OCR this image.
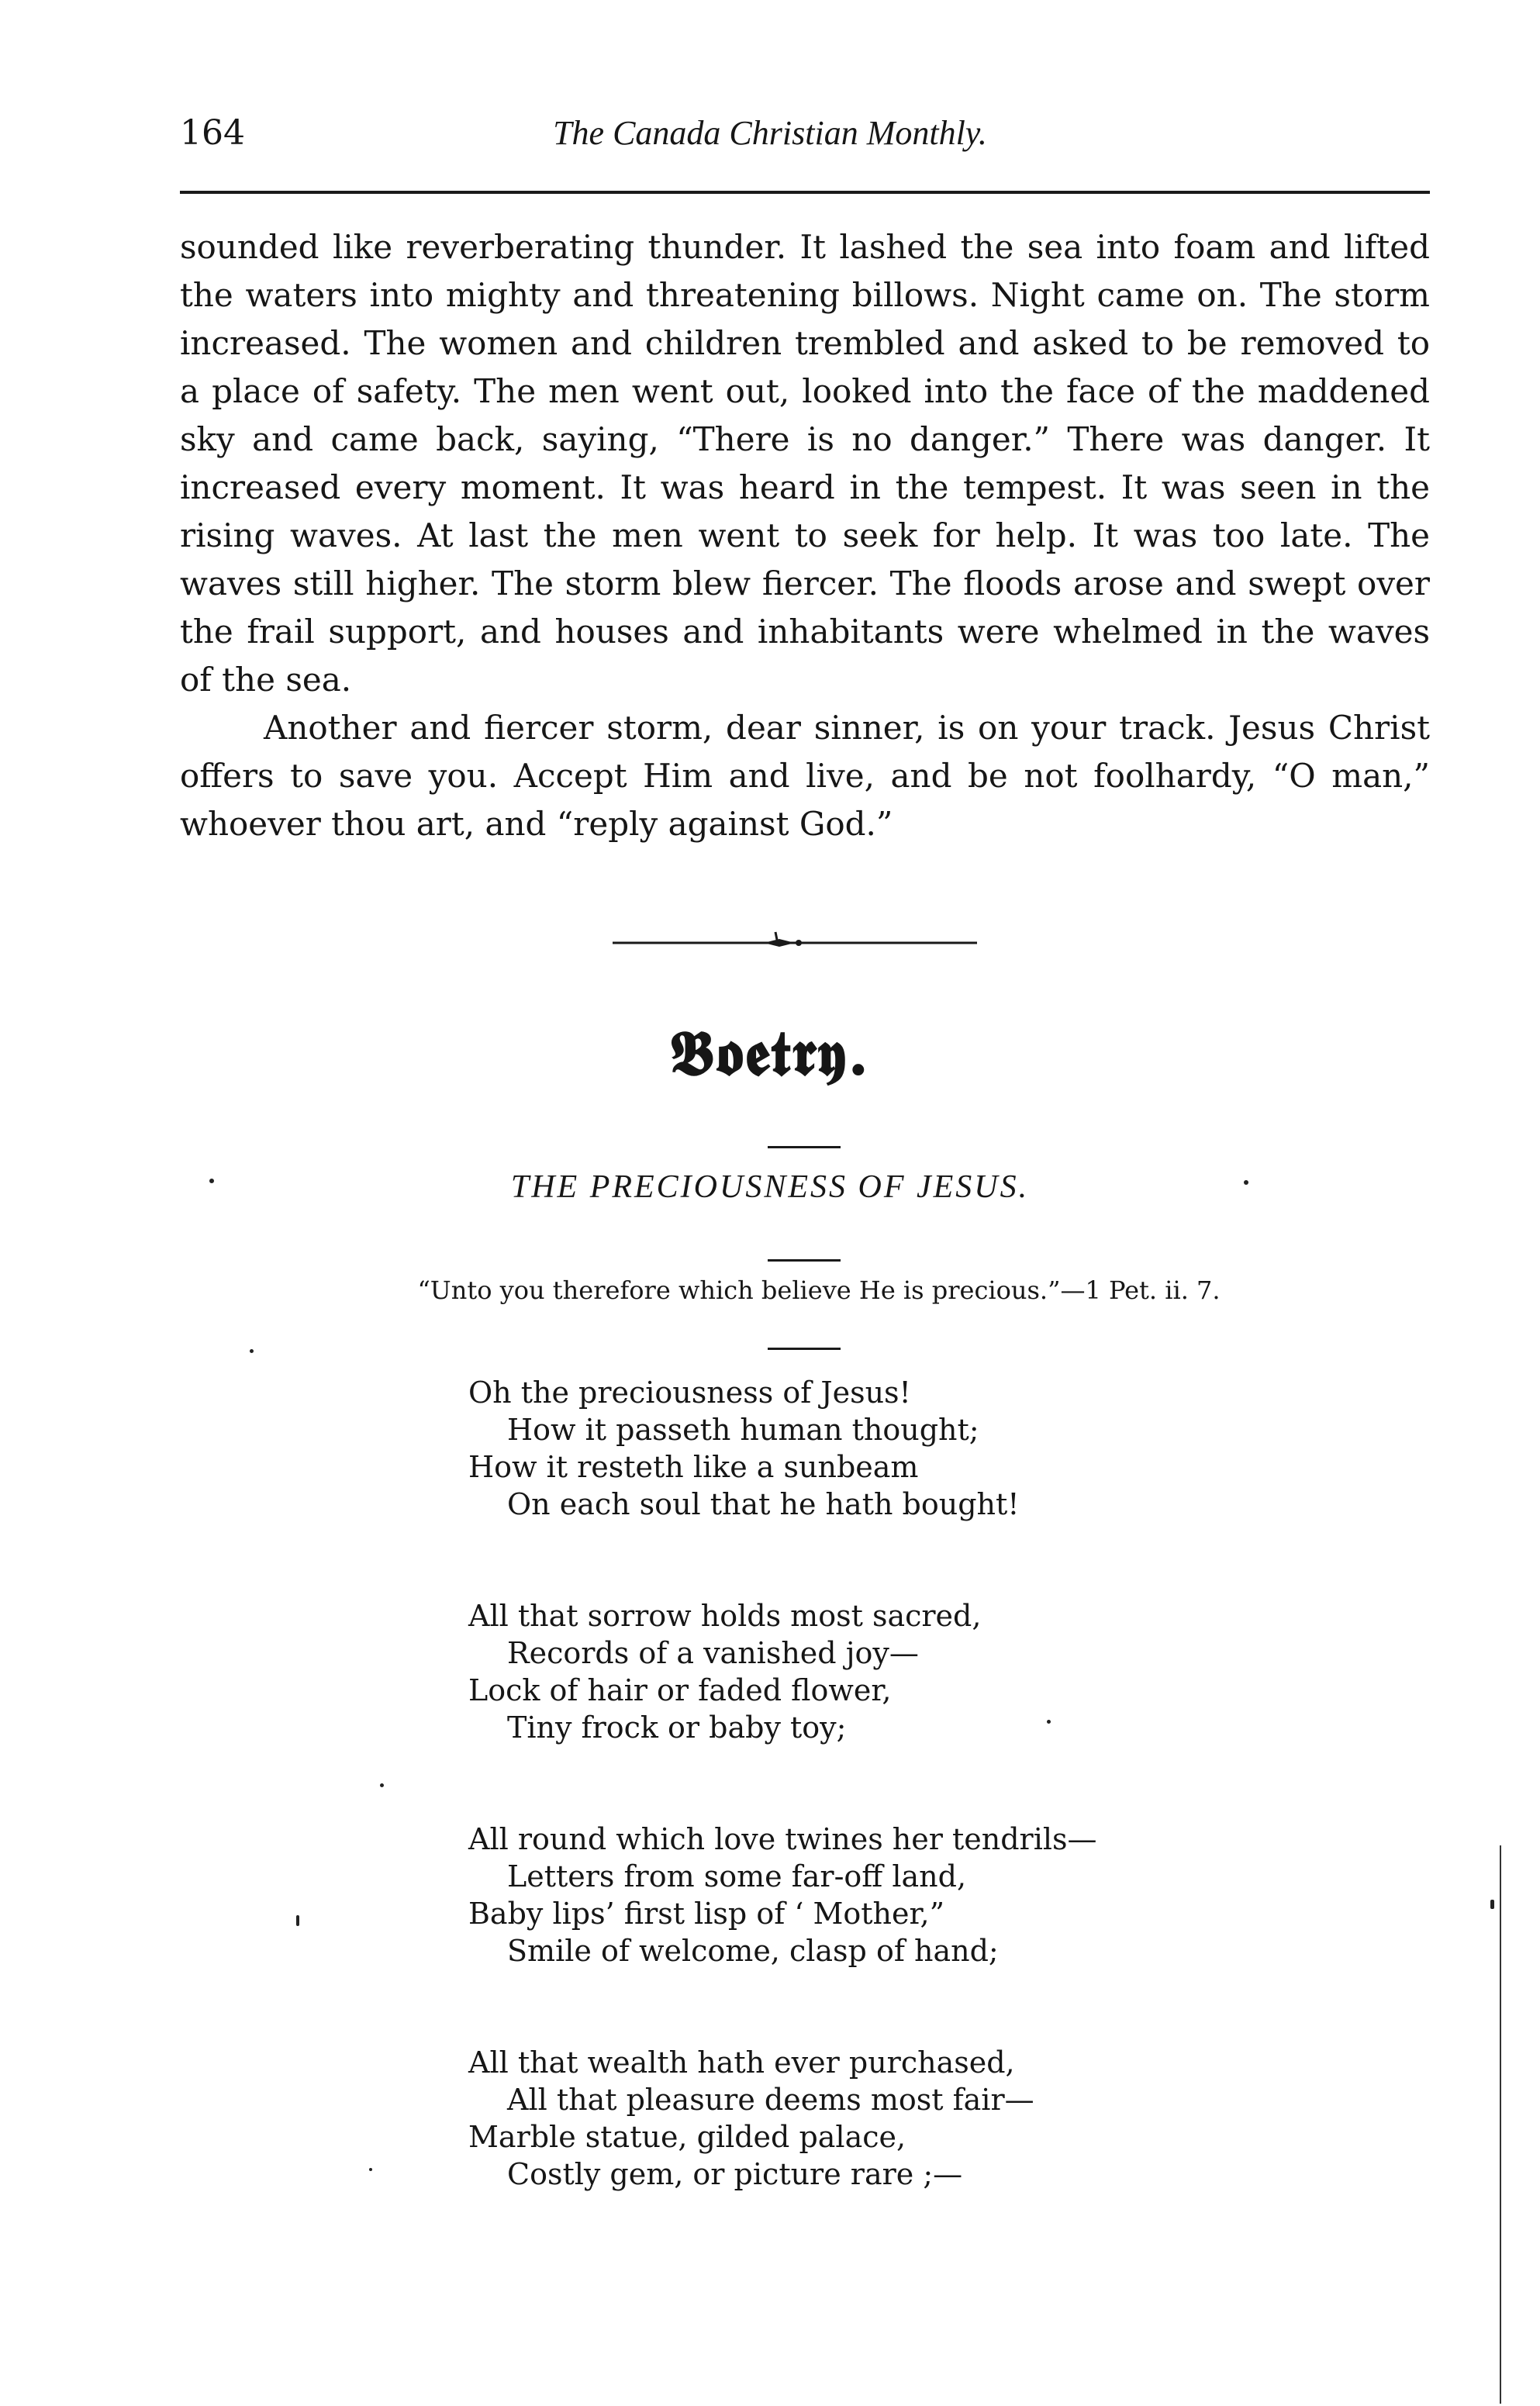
164	The Canada Christian Monthly.

sounded like reverberating thunder. It lashed the sea into foam and lifted the waters into mighty and threatening billows. Night came on. The storm increased. The women and children trembled and asked to be removed to a place of safety. The men went out, looked into the face of the maddened sky and came back, saying, “There is no danger.” There was danger. It increased every moment. It was heard in the tempest. It was seen in the rising waves. At last the men went to seek for help. It was too late. The waves still higher. The storm blew fiercer. The floods arose and swept over the frail support, and houses and inhabitants were whelmed in the waves of the sea.

Another and fiercer storm, dear sinner, is on your track. Jesus Christ offers to save you. Accept Him and live, and be not foolhardy, “O man,” whoever thou art, and “reply against God.”

𝕭𝖔𝖊𝖙𝖗𝖞.
THE PRECIOUSNESS OF JESUS.
“Unto you therefore which believe He is precious.”—1 Pet. ii. 7.
Oh the preciousness of Jesus!
How it passeth human thought;
How it resteth like a sunbeam
On each soul that he hath bought!
All that sorrow holds most sacred,
Records of a vanished joy—
Lock of hair or faded flower,
Tiny frock or baby toy;
All round which love twines her tendrils—
Letters from some far-off land,
Baby lips’ first lisp of ‘ Mother,”
Smile of welcome, clasp of hand;
All that wealth hath ever purchased,
All that pleasure deems most fair—
Marble statue, gilded palace,
Costly gem, or picture rare ;—
